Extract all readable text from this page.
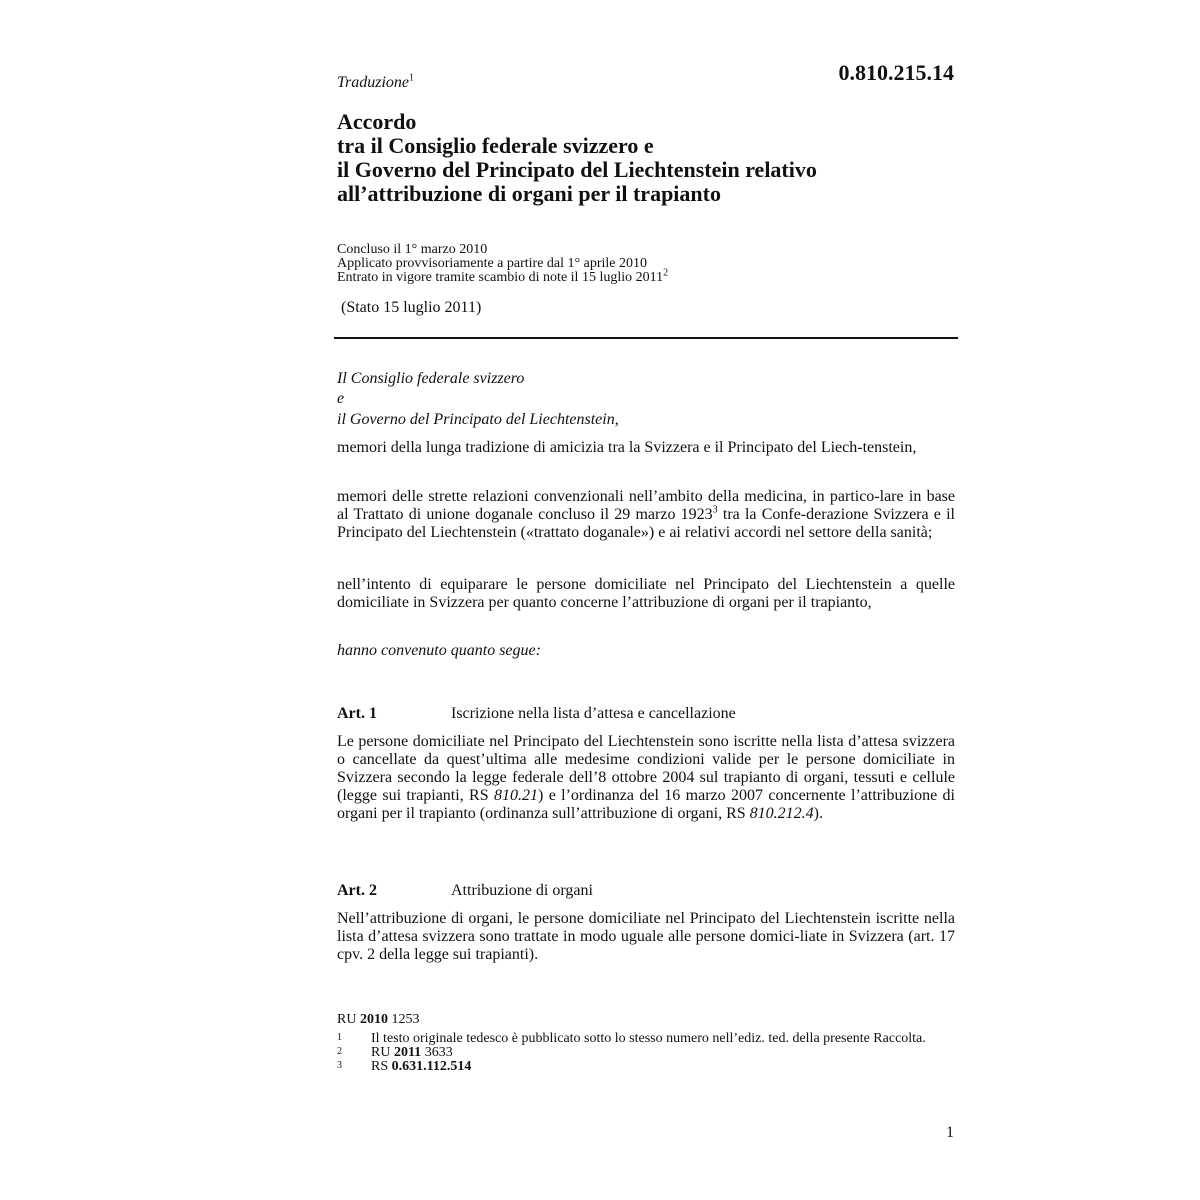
0.810.215.14
Traduzione$^1$
Accordo
tra il Consiglio federale svizzero e
il Governo del Principato del Liechtenstein relativo
all’attribuzione di organi per il trapianto
Concluso il 1° marzo 2010
Applicato provvisoriamente a partire dal 1° aprile 2010
Entrato in vigore tramite scambio di note il 15 luglio 2011$^2$
(Stato 15 luglio 2011)
Il Consiglio federale svizzero
e
il Governo del Principato del Liechtenstein,
memori della lunga tradizione di amicizia tra la Svizzera e il Principato del Liech-tenstein,
memori delle strette relazioni convenzionali nell’ambito della medicina, in partico-lare in base al Trattato di unione doganale concluso il 29 marzo 1923$^3$ tra la Confe-derazione Svizzera e il Principato del Liechtenstein («trattato doganale») e ai relativi accordi nel settore della sanità;
nell’intento di equiparare le persone domiciliate nel Principato del Liechtenstein a quelle domiciliate in Svizzera per quanto concerne l’attribuzione di organi per il trapianto,
hanno convenuto quanto segue:
Art. 1	Iscrizione nella lista d’attesa e cancellazione
Le persone domiciliate nel Principato del Liechtenstein sono iscritte nella lista d’attesa svizzera o cancellate da quest’ultima alle medesime condizioni valide per le persone domiciliate in Svizzera secondo la legge federale dell’8 ottobre 2004 sul trapianto di organi, tessuti e cellule (legge sui trapianti, RS 810.21) e l’ordinanza del 16 marzo 2007 concernente l’attribuzione di organi per il trapianto (ordinanza sull’attribuzione di organi, RS 810.212.4).
Art. 2	Attribuzione di organi
Nell’attribuzione di organi, le persone domiciliate nel Principato del Liechtenstein iscritte nella lista d’attesa svizzera sono trattate in modo uguale alle persone domici-liate in Svizzera (art. 17 cpv. 2 della legge sui trapianti).
RU 2010 1253
1	Il testo originale tedesco è pubblicato sotto lo stesso numero nell’ediz. ted. della presente Raccolta.
2	RU 2011 3633
3	RS 0.631.112.514
1
